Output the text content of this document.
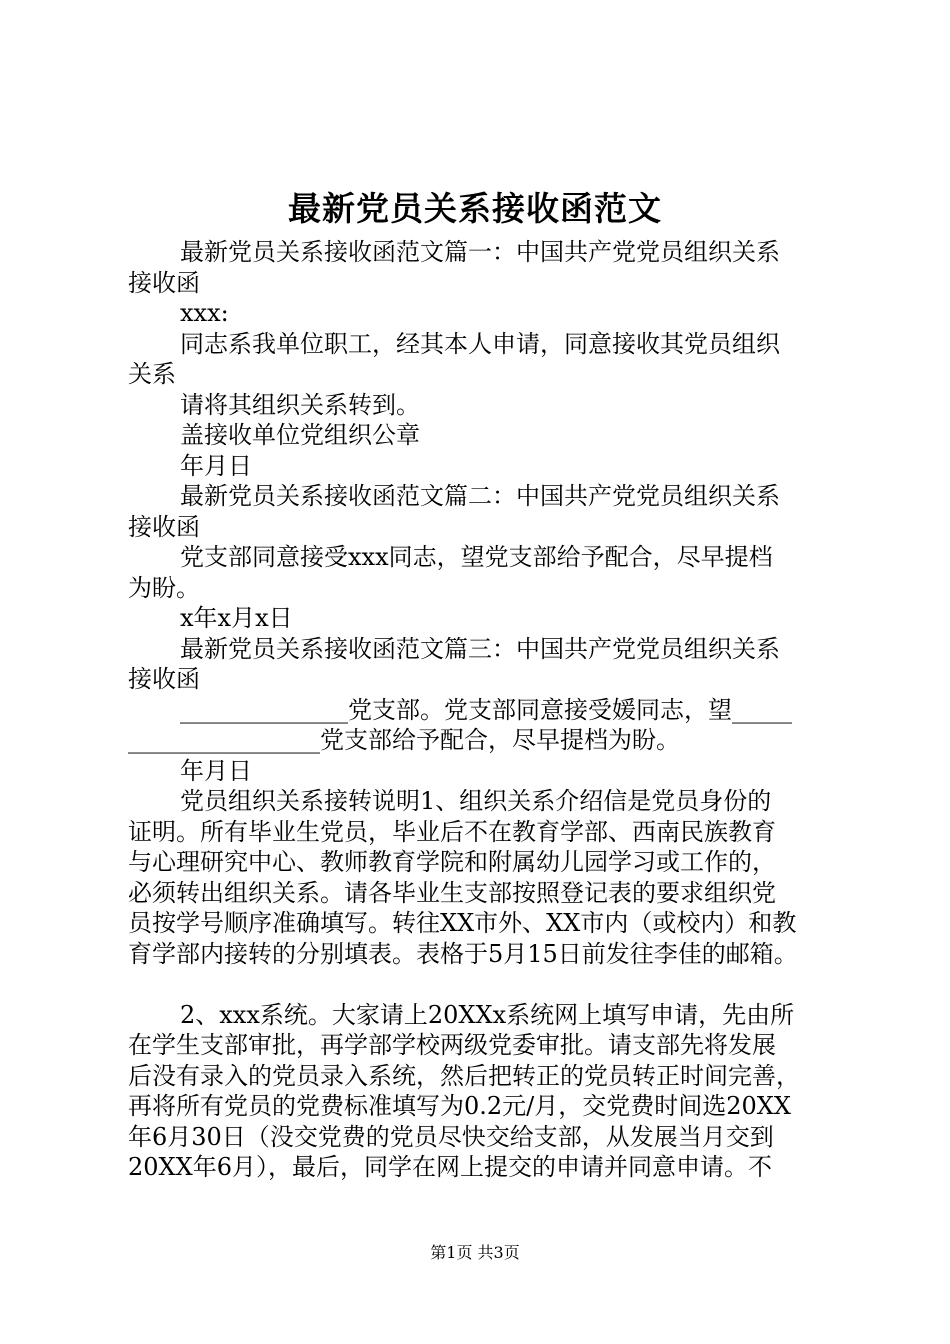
最新党员关系接收函范文
最新党员关系接收函范文篇一：中国共产党党员组织关系
接收函
xxx:
同志系我单位职工，经其本人申请，同意接收其党员组织
关系
请将其组织关系转到。
盖接收单位党组织公章
年月日
最新党员关系接收函范文篇二：中国共产党党员组织关系
接收函
党支部同意接受xxx同志，望党支部给予配合，尽早提档
为盼。
x年x月x日
最新党员关系接收函范文篇三：中国共产党党员组织关系
接收函
______________党支部。党支部同意接受媛同志，望_____
________________党支部给予配合，尽早提档为盼。
年月日
党员组织关系接转说明1、组织关系介绍信是党员身份的
证明。所有毕业生党员，毕业后不在教育学部、西南民族教育
与心理研究中心、教师教育学院和附属幼儿园学习或工作的，
必须转出组织关系。请各毕业生支部按照登记表的要求组织党
员按学号顺序准确填写。转往XX市外、XX市内（或校内）和教
育学部内接转的分别填表。表格于5月15日前发往李佳的邮箱。
2、xxx系统。大家请上20XXx系统网上填写申请，先由所
在学生支部审批，再学部学校两级党委审批。请支部先将发展
后没有录入的党员录入系统，然后把转正的党员转正时间完善，
再将所有党员的党费标准填写为0.2元/月，交党费时间选20XX
年6月30日（没交党费的党员尽快交给支部，从发展当月交到
20XX年6月），最后，同学在网上提交的申请并同意申请。不
第1页 共3页
